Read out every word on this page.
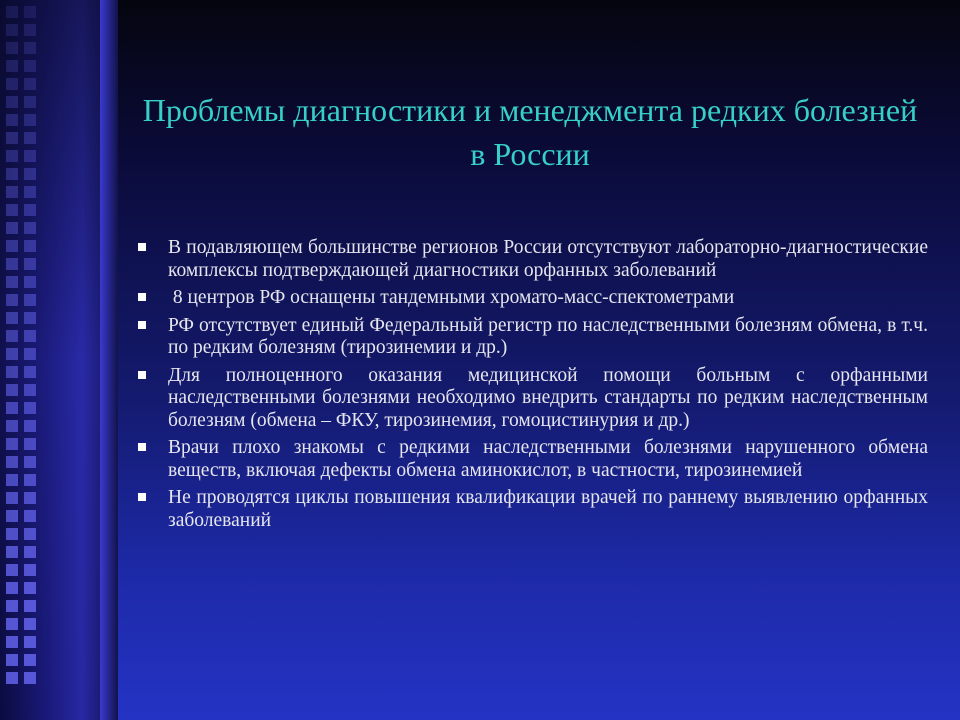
Проблемы диагностики и менеджмента редких болезней в России
В подавляющем большинстве регионов России отсутствуют лабораторно-диагностические комплексы подтверждающей диагностики орфанных заболеваний
8 центров РФ оснащены тандемными хромато-масс-спектометрами
РФ отсутствует единый Федеральный регистр по наследственными болезням обмена, в т.ч. по редким болезням (тирозинемии и др.)
Для полноценного оказания медицинской помощи больным с орфанными наследственными болезнями необходимо внедрить стандарты по редким наследственным болезням (обмена – ФКУ, тирозинемия, гомоцистинурия и др.)
Врачи плохо знакомы с редкими наследственными болезнями нарушенного обмена веществ, включая дефекты обмена аминокислот, в частности, тирозинемией
Не проводятся циклы повышения квалификации врачей по раннему выявлению орфанных заболеваний
